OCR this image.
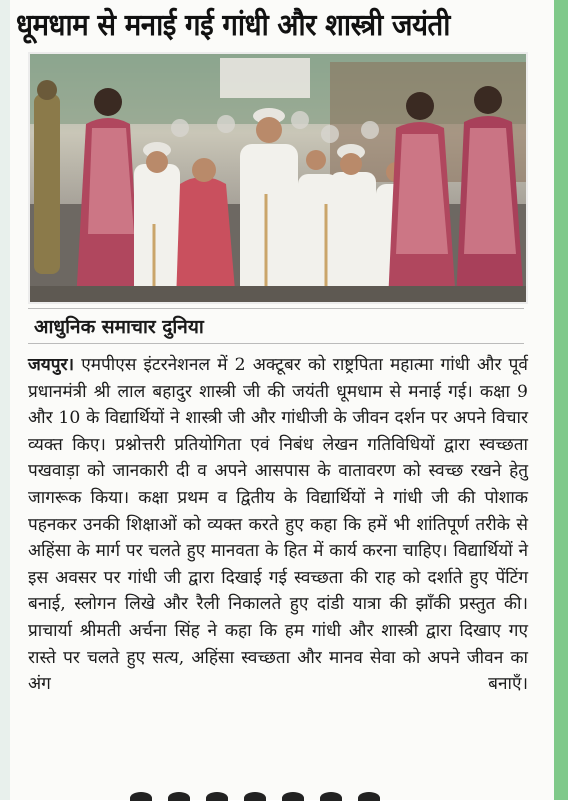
धूमधाम से मनाई गई गांधी और शास्त्री जयंती
आधुनिक समाचार दुनिया

जयपुर। एमपीएस इंटरनेशनल में 2 अक्टूबर को राष्ट्रपिता महात्मा गांधी और पूर्व प्रधानमंत्री श्री लाल बहादुर शास्त्री जी की जयंती धूमधाम से मनाई गई। कक्षा 9 और 10 के विद्यार्थियों ने शास्त्री जी और गांधीजी के जीवन दर्शन पर अपने विचार व्यक्त किए। प्रश्नोत्तरी प्रतियोगिता एवं निबंध लेखन गतिविधियों द्वारा स्वच्छता पखवाड़ा को जानकारी दी व अपने आसपास के वातावरण को स्वच्छ रखने हेतु जागरूक किया। कक्षा प्रथम व द्वितीय के विद्यार्थियों ने गांधी जी की पोशाक पहनकर उनकी शिक्षाओं को व्यक्त करते हुए कहा कि हमें भी शांतिपूर्ण तरीके से अहिंसा के मार्ग पर चलते हुए मानवता के हित में कार्य करना चाहिए। विद्यार्थियों ने इस अवसर पर गांधी जी द्वारा दिखाई गई स्वच्छता की राह को दर्शाते हुए पेंटिंग बनाई, स्लोगन लिखे और रैली निकालते हुए दांडी यात्रा की झाँकी प्रस्तुत की। प्राचार्या श्रीमती अर्चना सिंह ने कहा कि हम गांधी और शास्त्री द्वारा दिखाए गए रास्ते पर चलते हुए सत्य, अहिंसा स्वच्छता और मानव सेवा को अपने जीवन का अंग बनाएँ।
